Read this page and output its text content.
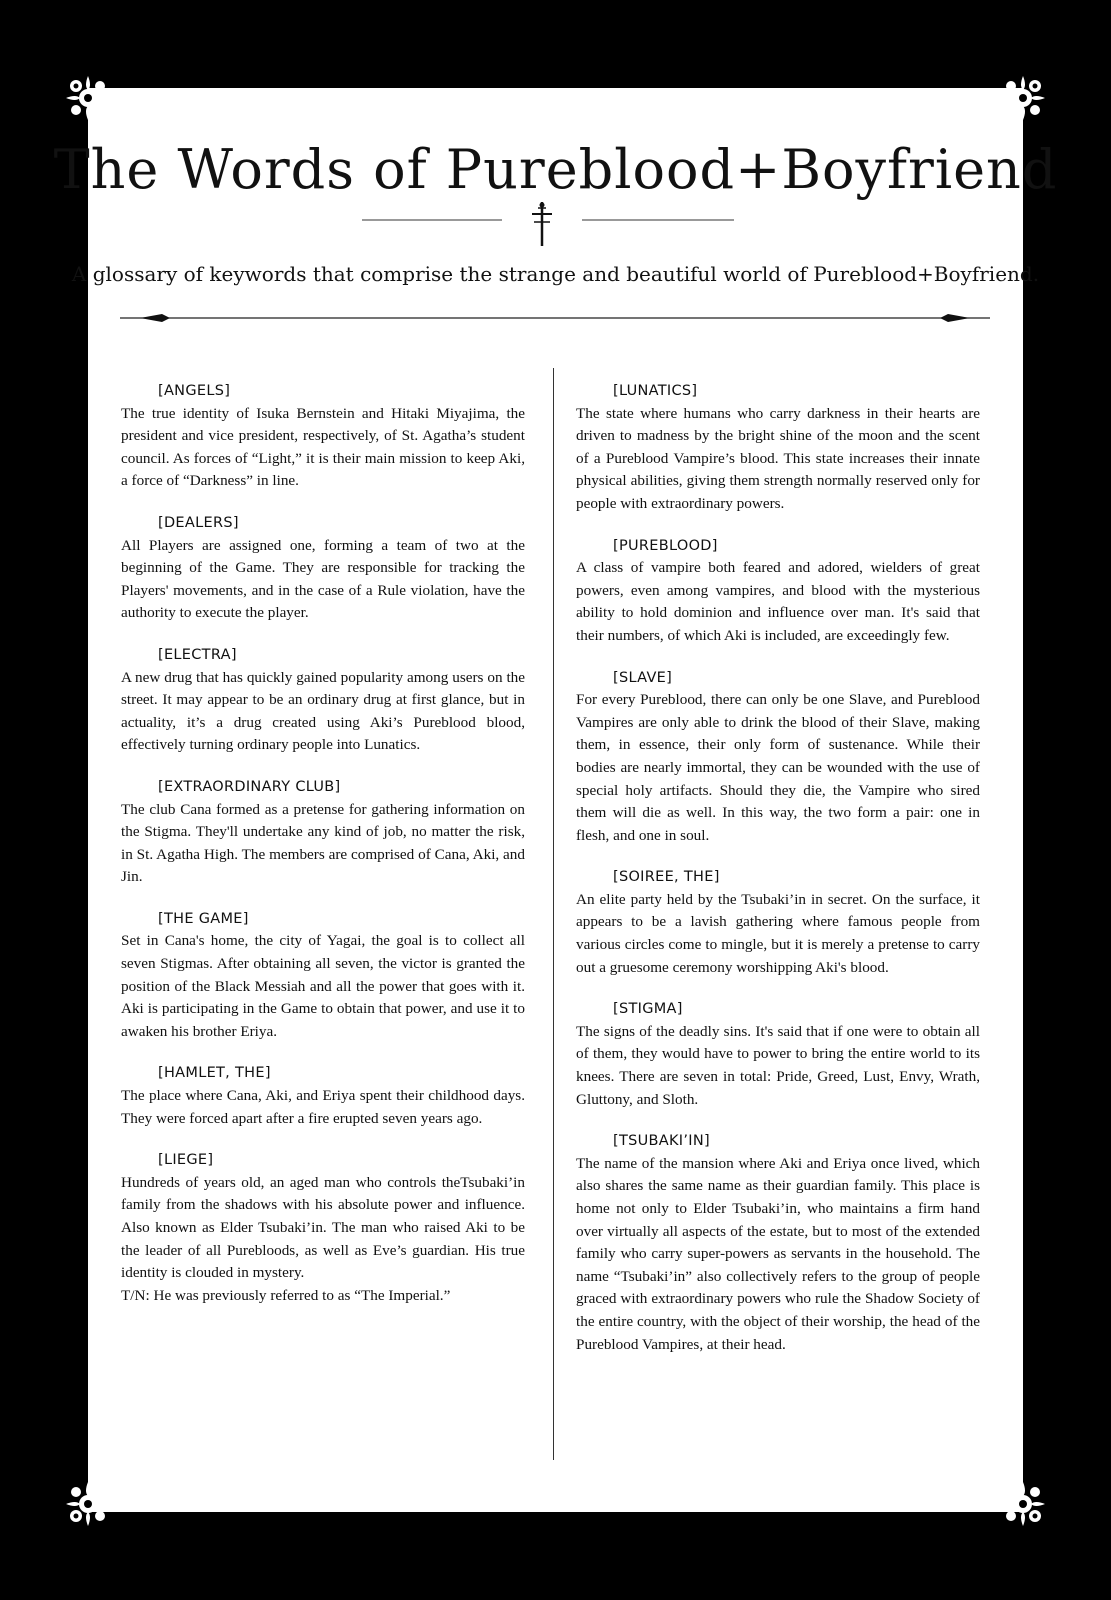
The Words of Pureblood+Boyfriend
A glossary of keywords that comprise the strange and beautiful world of Pureblood+Boyfriend.
[ANGELS]

The true identity of Isuka Bernstein and Hitaki Miyajima, the president and vice president, respectively, of St. Agatha’s student council. As forces of “Light,” it is their main mission to keep Aki, a force of “Darkness” in line.

[DEALERS]

All Players are assigned one, forming a team of two at the beginning of the Game. They are responsible for tracking the Players' movements, and in the case of a Rule violation, have the authority to execute the player.

[ELECTRA]

A new drug that has quickly gained popularity among users on the street. It may appear to be an ordinary drug at first glance, but in actuality, it’s a drug created using Aki’s Pureblood blood, effectively turning ordinary people into Lunatics.

[EXTRAORDINARY CLUB]

The club Cana formed as a pretense for gathering information on the Stigma. They'll undertake any kind of job, no matter the risk, in St. Agatha High. The members are comprised of Cana, Aki, and Jin.

[THE GAME]

Set in Cana's home, the city of Yagai, the goal is to collect all seven Stigmas. After obtaining all seven, the victor is granted the position of the Black Messiah and all the power that goes with it. Aki is participating in the Game to obtain that power, and use it to awaken his brother Eriya.

[HAMLET, THE]

The place where Cana, Aki, and Eriya spent their childhood days. They were forced apart after a fire erupted seven years ago.

[LIEGE]

Hundreds of years old, an aged man who controls theTsubaki’in family from the shadows with his absolute power and influence. Also known as Elder Tsubaki’in. The man who raised Aki to be the leader of all Purebloods, as well as Eve’s guardian. His true identity is clouded in mystery.

T/N: He was previously referred to as “The Imperial.”

[LUNATICS]

The state where humans who carry darkness in their hearts are driven to madness by the bright shine of the moon and the scent of a Pureblood Vampire’s blood. This state increases their innate physical abilities, giving them strength normally reserved only for people with extraordinary powers.

[PUREBLOOD]

A class of vampire both feared and adored, wielders of great powers, even among vampires, and blood with the mysterious ability to hold dominion and influence over man. It's said that their numbers, of which Aki is included, are exceedingly few.

[SLAVE]

For every Pureblood, there can only be one Slave, and Pureblood Vampires are only able to drink the blood of their Slave, making them, in essence, their only form of sustenance. While their bodies are nearly immortal, they can be wounded with the use of special holy artifacts. Should they die, the Vampire who sired them will die as well. In this way, the two form a pair: one in flesh, and one in soul.

[SOIREE, THE]

An elite party held by the Tsubaki’in in secret. On the surface, it appears to be a lavish gathering where famous people from various circles come to mingle, but it is merely a pretense to carry out a gruesome ceremony worshipping Aki's blood.

[STIGMA]

The signs of the deadly sins. It's said that if one were to obtain all of them, they would have to power to bring the entire world to its knees. There are seven in total: Pride, Greed, Lust, Envy, Wrath, Gluttony, and Sloth.

[TSUBAKI’IN]

The name of the mansion where Aki and Eriya once lived, which also shares the same name as their guardian family. This place is home not only to Elder Tsubaki’in, who maintains a firm hand over virtually all aspects of the estate, but to most of the extended family who carry super-powers as servants in the household. The name “Tsubaki’in” also collectively refers to the group of people graced with extraordinary powers who rule the Shadow Society of the entire country, with the object of their worship, the head of the Pureblood Vampires, at their head.
